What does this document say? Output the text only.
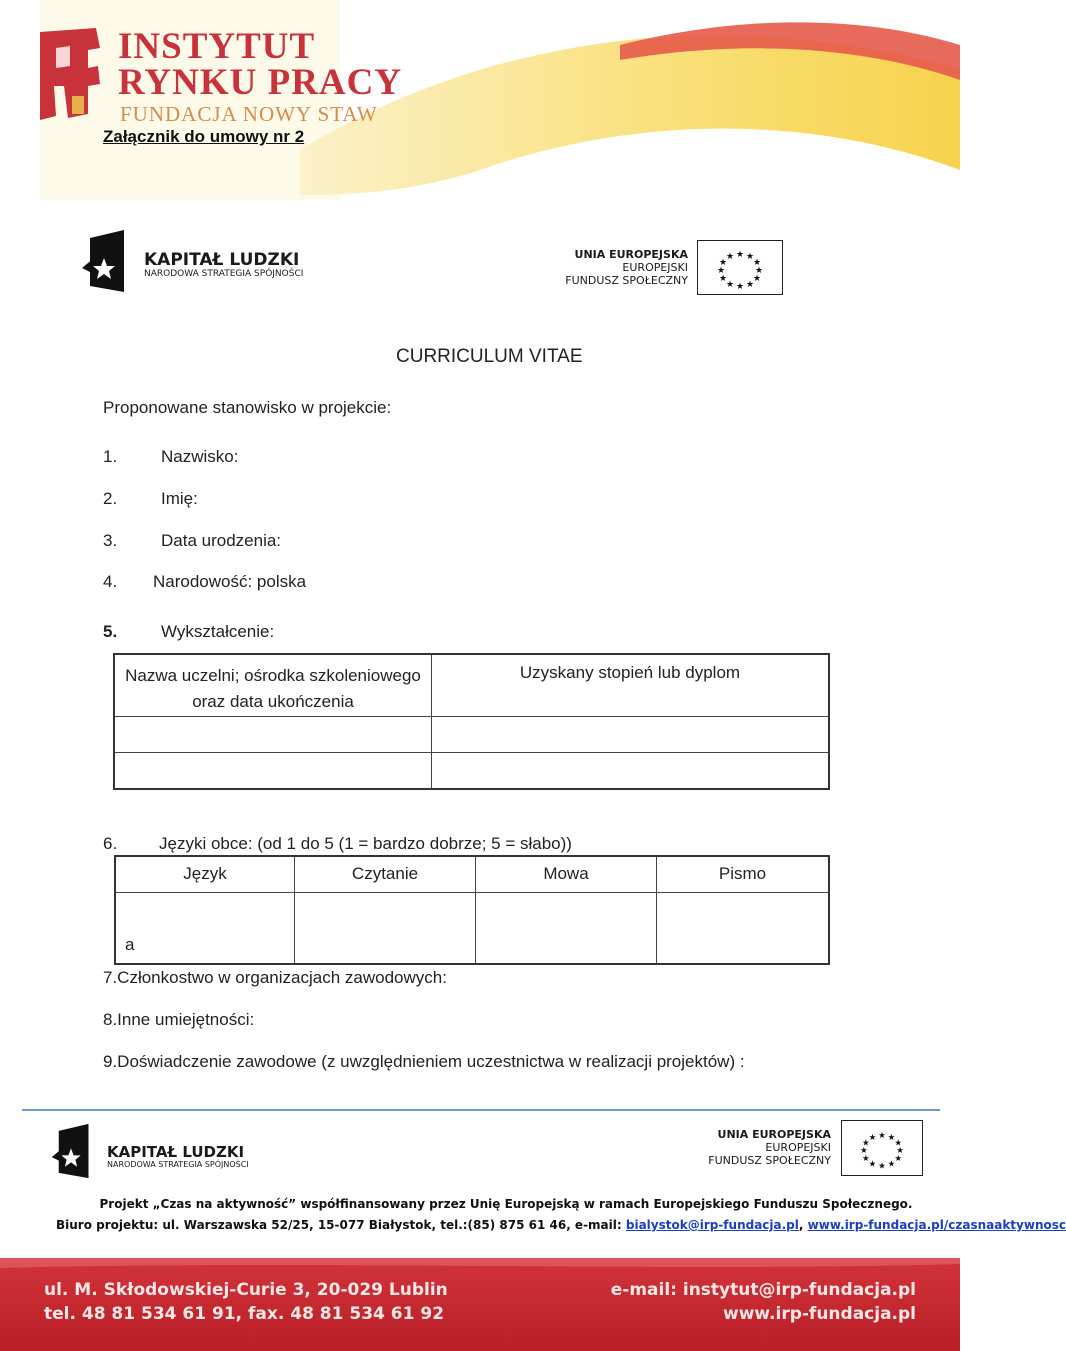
INSTYTUT
RYNKU PRACY
FUNDACJA NOWY STAW
Załącznik do umowy nr 2
KAPITAŁ LUDZKI
NARODOWA STRATEGIA SPÓJNOŚCI
UNIA EUROPEJSKA
EUROPEJSKI
FUNDUSZ SPOŁECZNY
★ ★
★
★
★
★
★
★
★
★
★
★
CURRICULUM VITAE
Proponowane stanowisko w projekcie:
1.	Nazwisko:
2.	Imię:
3.	Data urodzenia:
4. Narodowość: polska
5.	Wykształcenie:
Nazwa uczelni; ośrodka szkoleniowego
oraz data ukończenia	Uzyskany stopień lub dyplom

6. Języki obce: (od 1 do 5 (1 = bardzo dobrze; 5 = słabo))
Język	Czytanie	Mowa	Pismo
a			
7.Członkostwo w organizacjach zawodowych:
8.Inne umiejętności:
9.Doświadczenie zawodowe (z uwzględnieniem uczestnictwa w realizacji projektów) :
KAPITAŁ LUDZKI
NARODOWA STRATEGIA SPÓJNOŚCI
UNIA EUROPEJSKA
EUROPEJSKI
FUNDUSZ SPOŁECZNY
★ ★
★
★
★
★
★
★
★
★
★
★
Projekt „Czas na aktywność” współfinansowany przez Unię Europejską w ramach Europejskiego Funduszu Społecznego.
Biuro projektu: ul. Warszawska 52/25, 15-077 Białystok, tel.:(85) 875 61 46, e-mail: bialystok@irp-fundacja.pl, www.irp-fundacja.pl/czasnaaktywnosc
ul. M. Skłodowskiej-Curie 3, 20-029 Lublin
tel. 48 81 534 61 91, fax. 48 81 534 61 92
e-mail: instytut@irp-fundacja.pl
www.irp-fundacja.pl
